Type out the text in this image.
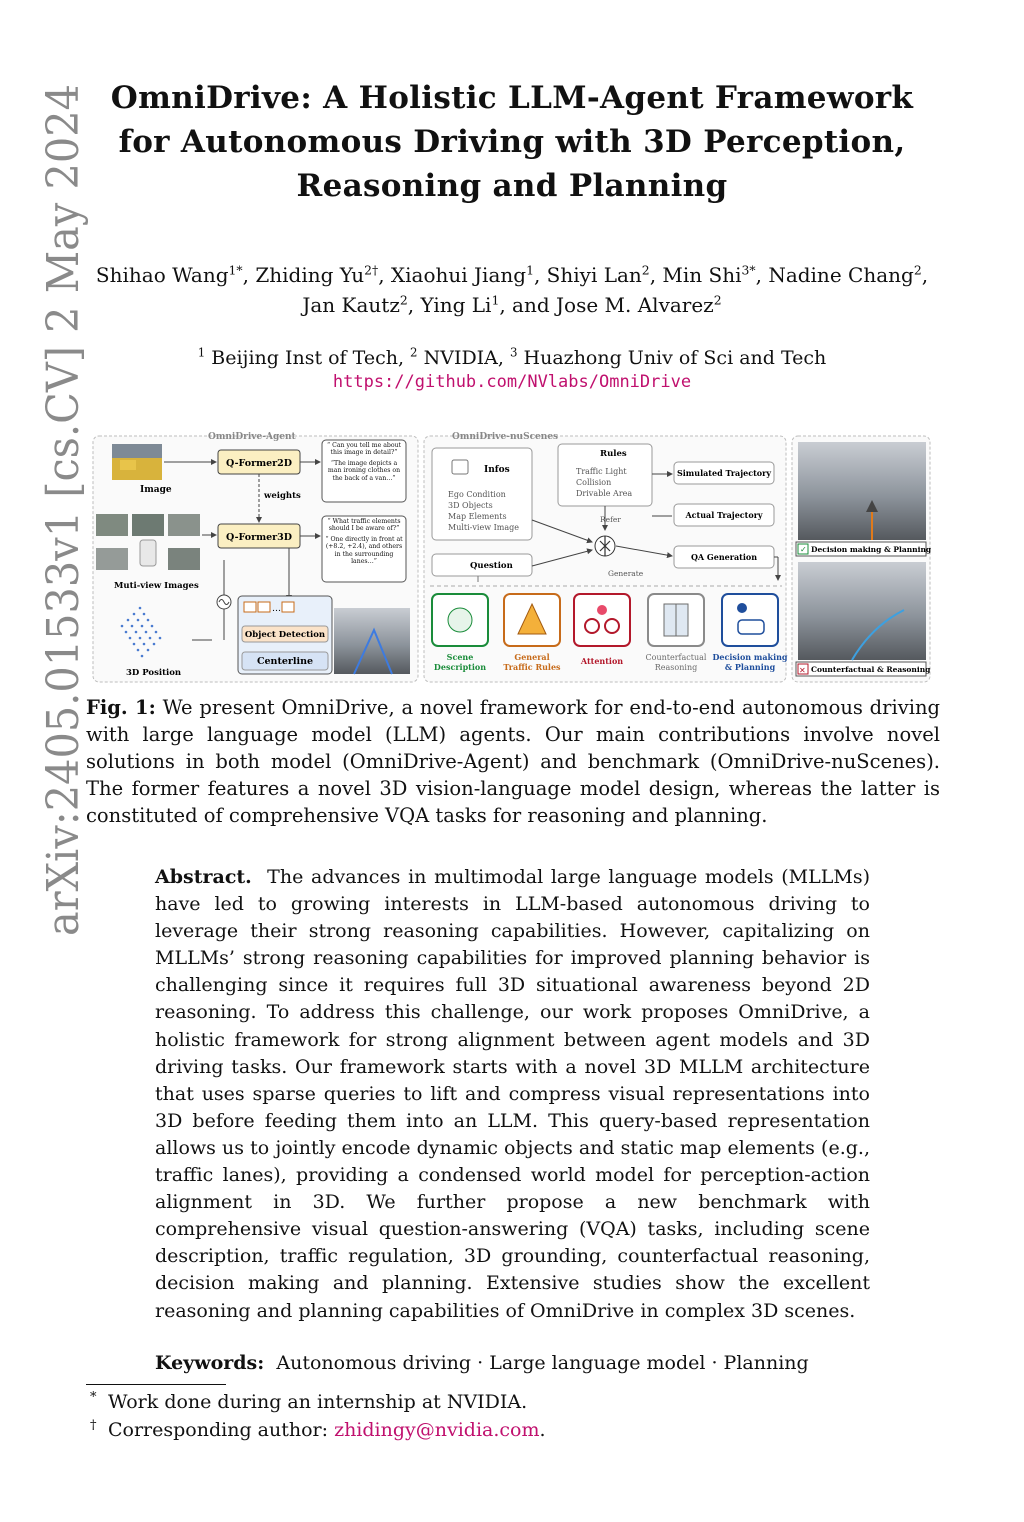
arXiv:2405.01533v1 [cs.CV] 2 May 2024 OmniDrive: A Holistic LLM-Agent Framework
for Autonomous Driving with 3D Perception,
Reasoning and Planning
Shihao Wang$^{1*}$, Zhiding $Yu^{2\dagger}$, Xiaohui Jiang$^1$, Shiyi Lan$^2$, Min Shi$^{3*}$, Nadine Chang$^2$, Jan Kautz$^2$, Ying Li$^1$, and Jose M. Alvarez$^2$
$^1$ Beijing Inst of Tech, $^2$ NVIDIA, $^3$ Huazhong Univ of Sci and Tech
https://github.com/NVlabs/OmniDrive
OmniDrive-Agent
Image
Muti-view Images
3D Position
Q-Former2D
weights
Q-Former3D
“ Can you tell me about this image in detail?”
“The image depicts a man ironing clothes on the back of a van…”
“ What traffic elements should I be aware of?”
“ One directly in front at (+8.2, +2.4), and others in the surrounding lanes…”
…
Object Detection
Centerline
OmniDrive-nuScenes
Infos
Ego Condition
3D Objects
Map Elements
Multi-view Image
Question
Rules
Traffic Light
Collision
Drivable Area
Refer
Generate
Simulated Trajectory
Actual Trajectory
QA Generation
Scene
Description
General
Traffic Rules
Attention	Counterfactual
Reasoning
Decision making
& Planning
✓ Decision making & Planning
✕ Counterfactual & Reasoning
Fig. 1: We present OmniDrive, a novel framework for end-to-end autonomous driving with large language model (LLM) agents. Our main contributions involve novel solutions in both model (OmniDrive-Agent) and benchmark (OmniDrive-nuScenes). The former features a novel 3D vision-language model design, whereas the latter is constituted of comprehensive VQA tasks for reasoning and planning.
Abstract. The advances in multimodal large language models (MLLMs) have led to growing interests in LLM-based autonomous driving to leverage their strong reasoning capabilities. However, capitalizing on MLLMs’ strong reasoning capabilities for improved planning behavior is challenging since it requires full 3D situational awareness beyond 2D reasoning. To address this challenge, our work proposes OmniDrive, a holistic framework for strong alignment between agent models and 3D driving tasks. Our framework starts with a novel 3D MLLM architecture that uses sparse queries to lift and compress visual representations into 3D before feeding them into an LLM. This query-based representation allows us to jointly encode dynamic objects and static map elements (e.g., traffic lanes), providing a condensed world model for perception-action alignment in 3D. We further propose a new benchmark with comprehensive visual question-answering (VQA) tasks, including scene description, traffic regulation, 3D grounding, counterfactual reasoning, decision making and planning. Extensive studies show the excellent reasoning and planning capabilities of OmniDrive in complex 3D scenes.
Keywords: Autonomous driving · Large language model · Planning
* Work done during an internship at NVIDIA.
† Corresponding author: zhidingy@nvidia.com.
